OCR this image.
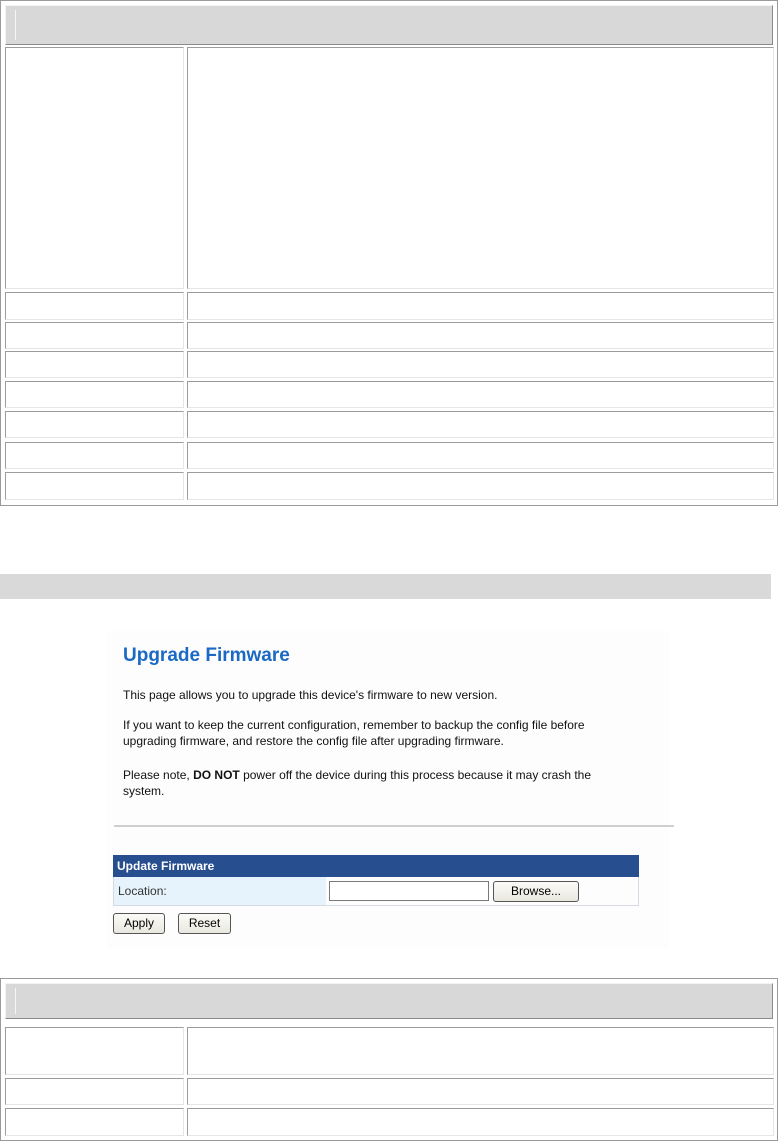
Upgrade Firmware

This page allows you to upgrade this device's firmware to new version.

If you want to keep the current configuration, remember to backup the config file before
upgrading firmware, and restore the config file after upgrading firmware.

Please note, DO NOT power off the device during this process because it may crash the
system.

Update Firmware
Location:	Browse...
Apply	Reset
